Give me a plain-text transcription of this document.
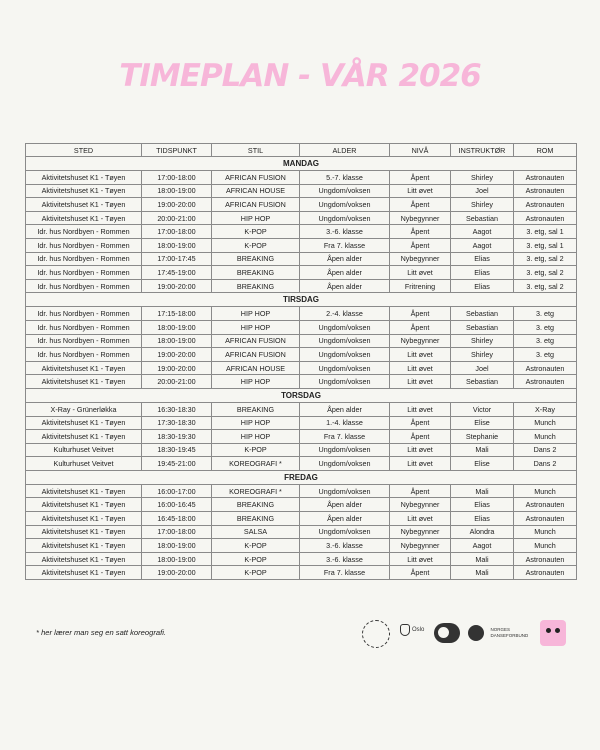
TIMEPLAN - VÅR 2026
STED	TIDSPUNKT	STIL	ALDER	NIVÅ	INSTRUKTØR	ROM
MANDAG						
Aktivitetshuset K1 - Tøyen	17:00-18:00	AFRICAN FUSION	5.-7. klasse	Åpent	Shirley	Astronauten
Aktivitetshuset K1 - Tøyen	18:00-19:00	AFRICAN HOUSE	Ungdom/voksen	Litt øvet	Joel	Astronauten
Aktivitetshuset K1 - Tøyen	19:00-20:00	AFRICAN FUSION	Ungdom/voksen	Åpent	Shirley	Astronauten
Aktivitetshuset K1 - Tøyen	20:00-21:00	HIP HOP	Ungdom/voksen	Nybegynner	Sebastian	Astronauten
Idr. hus Nordbyen - Rommen	17:00-18:00	K-POP	3.-6. klasse	Åpent	Aagot	3. etg, sal 1
Idr. hus Nordbyen - Rommen	18:00-19:00	K-POP	Fra 7. klasse	Åpent	Aagot	3. etg, sal 1
Idr. hus Nordbyen - Rommen	17:00-17:45	BREAKING	Åpen alder	Nybegynner	Elias	3. etg, sal 2
Idr. hus Nordbyen - Rommen	17:45-19:00	BREAKING	Åpen alder	Litt øvet	Elias	3. etg, sal 2
Idr. hus Nordbyen - Rommen	19:00-20:00	BREAKING	Åpen alder	Fritrening	Elias	3. etg, sal 2
TIRSDAG						
Idr. hus Nordbyen - Rommen	17:15-18:00	HIP HOP	2.-4. klasse	Åpent	Sebastian	3. etg
Idr. hus Nordbyen - Rommen	18:00-19:00	HIP HOP	Ungdom/voksen	Åpent	Sebastian	3. etg
Idr. hus Nordbyen - Rommen	18:00-19:00	AFRICAN FUSION	Ungdom/voksen	Nybegynner	Shirley	3. etg
Idr. hus Nordbyen - Rommen	19:00-20:00	AFRICAN FUSION	Ungdom/voksen	Litt øvet	Shirley	3. etg
Aktivitetshuset K1 - Tøyen	19:00-20:00	AFRICAN HOUSE	Ungdom/voksen	Litt øvet	Joel	Astronauten
Aktivitetshuset K1 - Tøyen	20:00-21:00	HIP HOP	Ungdom/voksen	Litt øvet	Sebastian	Astronauten
TORSDAG						
X-Ray - Grünerløkka	16:30-18:30	BREAKING	Åpen alder	Litt øvet	Victor	X-Ray
Aktivitetshuset K1 - Tøyen	17:30-18:30	HIP HOP	1.-4. klasse	Åpent	Elise	Munch
Aktivitetshuset K1 - Tøyen	18:30-19:30	HIP HOP	Fra 7. klasse	Åpent	Stephanie	Munch
Kulturhuset Veitvet	18:30-19:45	K-POP	Ungdom/voksen	Litt øvet	Mali	Dans 2
Kulturhuset Veitvet	19:45-21:00	KOREOGRAFI *	Ungdom/voksen	Litt øvet	Elise	Dans 2
FREDAG						
Aktivitetshuset K1 - Tøyen	16:00-17:00	KOREOGRAFI *	Ungdom/voksen	Åpent	Mali	Munch
Aktivitetshuset K1 - Tøyen	16:00-16:45	BREAKING	Åpen alder	Nybegynner	Elias	Astronauten
Aktivitetshuset K1 - Tøyen	16:45-18:00	BREAKING	Åpen alder	Litt øvet	Elias	Astronauten
Aktivitetshuset K1 - Tøyen	17:00-18:00	SALSA	Ungdom/voksen	Nybegynner	Alondra	Munch
Aktivitetshuset K1 - Tøyen	18:00-19:00	K-POP	3.-6. klasse	Nybegynner	Aagot	Munch
Aktivitetshuset K1 - Tøyen	18:00-19:00	K-POP	3.-6. klasse	Litt øvet	Mali	Astronauten
Aktivitetshuset K1 - Tøyen	19:00-20:00	K-POP	Fra 7. klasse	Åpent	Mali	Astronauten
* her lærer man seg en satt koreografi.	Oslo	NORGES
DANSEFORBUND
